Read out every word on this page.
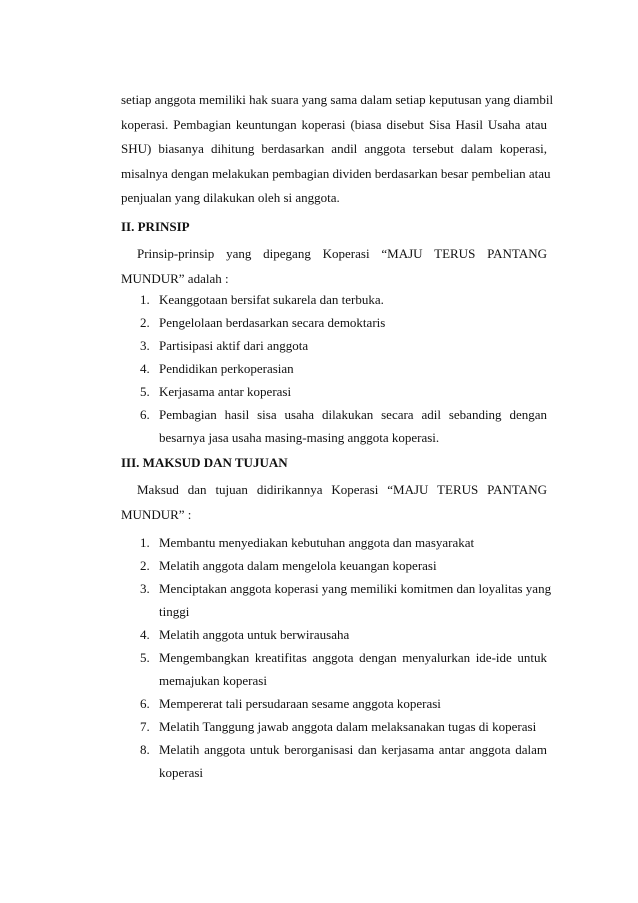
setiap anggota memiliki hak suara yang sama dalam setiap keputusan yang diambil
koperasi. Pembagian keuntungan koperasi (biasa disebut Sisa Hasil Usaha atau
SHU) biasanya dihitung berdasarkan andil anggota tersebut dalam koperasi,
misalnya dengan melakukan pembagian dividen berdasarkan besar pembelian atau
penjualan yang dilakukan oleh si anggota.
II. PRINSIP
Prinsip-prinsip yang dipegang Koperasi “MAJU TERUS PANTANG
MUNDUR” adalah :
1. Keanggotaan bersifat sukarela dan terbuka.
2. Pengelolaan berdasarkan secara demoktaris
3. Partisipasi aktif dari anggota
4. Pendidikan perkoperasian
5. Kerjasama antar koperasi
6. Pembagian hasil sisa usaha dilakukan secara adil sebanding dengan
besarnya jasa usaha masing-masing anggota koperasi.
III. MAKSUD DAN TUJUAN
Maksud dan tujuan didirikannya Koperasi “MAJU TERUS PANTANG
MUNDUR” :
1. Membantu menyediakan kebutuhan anggota dan masyarakat
2. Melatih anggota dalam mengelola keuangan koperasi
3. Menciptakan anggota koperasi yang memiliki komitmen dan loyalitas yang
tinggi
4. Melatih anggota untuk berwirausaha
5. Mengembangkan kreatifitas anggota dengan menyalurkan ide-ide untuk
memajukan koperasi
6. Mempererat tali persudaraan sesame anggota koperasi
7. Melatih Tanggung jawab anggota dalam melaksanakan tugas di koperasi
8. Melatih anggota untuk berorganisasi dan kerjasama antar anggota dalam
koperasi
